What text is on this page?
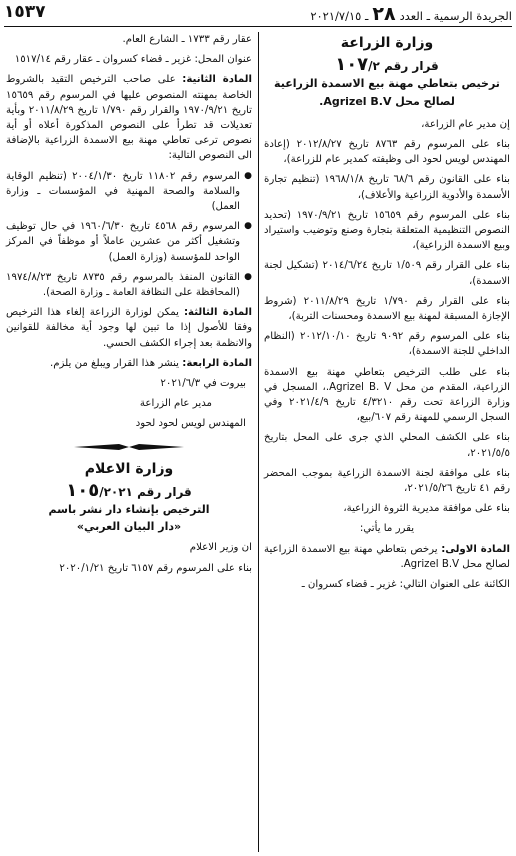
الجريدة الرسمية ـ العدد
٢٨
ـ ٢٠٢١/٧/١٥
١٥٣٧
وزارة الزراعة
قرار رقم ١٠٧/٢
ترخيص بتعاطي مهنة بيع الاسمدة الزراعية
لصالح محل Agrizel B.V.

إن مدير عام الزراعة،

بناء على المرسوم رقم ٨٧٦٣ تاريخ ٢٠١٢/٨/٢٧ (إعادة المهندس لويس لحود الى وظيفته كمدير عام للزراعة)،

بناء على القانون رقم ٦٨/٦ تاريخ ١٩٦٨/١/٨ (تنظيم تجارة الأسمدة والأدوية الزراعية والأعلاف)،

بناء على المرسوم رقم ١٥٦٥٩ تاريخ ١٩٧٠/٩/٢١ (تحديد النصوص التنظيمية المتعلقة بتجارة وصنع وتوضيب واستيراد وبيع الاسمدة الزراعية)،

بناء على القرار رقم ١/٥٠٩ تاريخ ٢٠١٤/٦/٢٤ (تشكيل لجنة الاسمدة)،

بناء على القرار رقم ١/٧٩٠ تاريخ ٢٠١١/٨/٢٩ (شروط الإجازة المسبقة لمهنة بيع الاسمدة ومحسنات التربة)،

بناء على المرسوم رقم ٩٠٩٢ تاريخ ٢٠١٢/١٠/١٠ (النظام الداخلي للجنة الاسمدة)،

بناء على طلب الترخيص بتعاطي مهنة بيع الاسمدة الزراعية، المقدم من محل Agrizel B. V.، المسجل في وزارة الزراعة تحت رقم ٤/٣٢١٠ تاريخ ٢٠٢١/٤/٩ وفي السجل الرسمي للمهنة رقم ٦٠٧/بيع،

بناء على الكشف المحلي الذي جرى على المحل بتاريخ ٢٠٢١/٥/٥،

بناء على موافقة لجنة الاسمدة الزراعية بموجب المحضر رقم ٤١ تاريخ ٢٠٢١/٥/٢٦،

بناء على موافقة مديرية الثروة الزراعية،

يقرر ما يأتي:

المادة الاولى: يرخص بتعاطي مهنة بيع الاسمدة الزراعية لصالح محل Agrizel B.V.

الكائنة على العنوان التالي: غزير ـ قضاء كسروان ـ

عقار رقم ١٧٣٣ ـ الشارع العام.

عنوان المحل: غزير ـ قضاء كسروان ـ عقار رقم ١٥١٧/١٤

المادة الثانية: على صاحب الترخيص التقيد بالشروط الخاصة بمهنته المنصوص عليها في المرسوم رقم ١٥٦٥٩ تاريخ ١٩٧٠/٩/٢١ والقرار رقم ١/٧٩٠ تاريخ ٢٠١١/٨/٢٩ وبأية تعديلات قد تطرأ على النصوص المذكورة أعلاه أو أية نصوص ترعى تعاطي مهنة بيع الاسمدة الزراعية بالإضافة الى النصوص التالية:

● المرسوم رقم ١١٨٠٢ تاريخ ٢٠٠٤/١/٣٠ (تنظيم الوقاية والسلامة والصحة المهنية في المؤسسات ـ وزارة العمل)

● المرسوم رقم ٤٥٦٨ تاريخ ١٩٦٠/٦/٣٠ في حال توظيف وتشغيل أكثر من عشرين عاملاً أو موظفاً في المركز الواحد للمؤسسة (وزارة العمل)

● القانون المنفذ بالمرسوم رقم ٨٧٣٥ تاريخ ١٩٧٤/٨/٢٣ (المحافظة على النظافة العامة ـ وزارة الصحة).

المادة الثالثة: يمكن لوزارة الزراعة إلغاء هذا الترخيص وفقا للأصول إذا ما تبين لها وجود أية مخالفة للقوانين والانظمة بعد إجراء الكشف الحسي.

المادة الرابعة: ينشر هذا القرار ويبلغ من يلزم.

بيروت في ٢٠٢١/٦/٣

مدير عام الزراعة

المهندس لويس لحود لحود

وزارة الاعلام
قرار رقم ١٠٥/٢٠٢١
الترخيص بإنشاء دار نشر باسم
«دار البيان العربي»

ان وزير الاعلام

بناء على المرسوم رقم ٦١٥٧ تاريخ ٢٠٢٠/١/٢١
